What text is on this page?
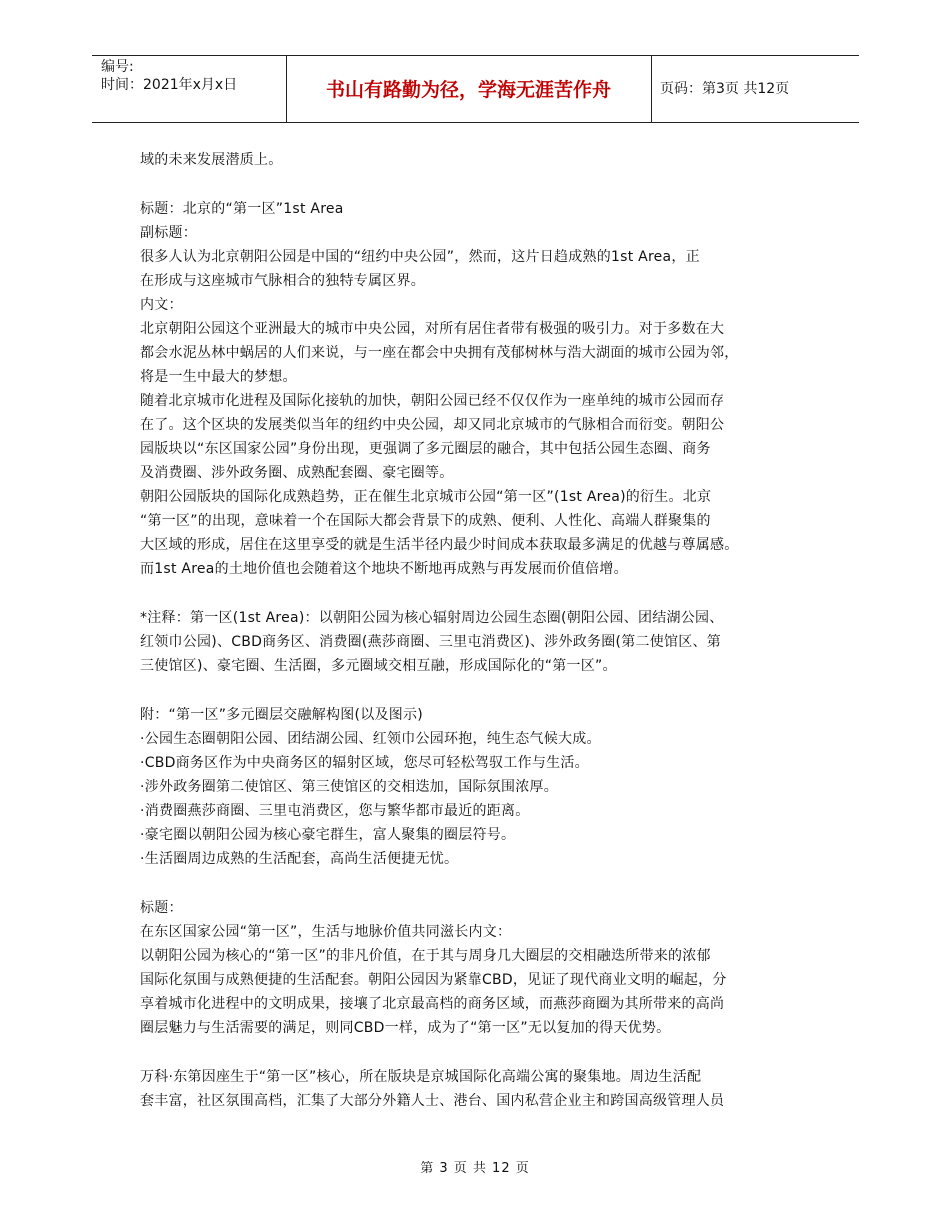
编号:
时间：2021年x月x日	书山有路勤为径，学海无涯苦作舟	页码：第3页 共12页
域的未来发展潜质上。
标题：北京的“第一区”1st Area
副标题：
很多人认为北京朝阳公园是中国的“纽约中央公园”，然而，这片日趋成熟的1st Area，正
在形成与这座城市气脉相合的独特专属区界。
内文：
北京朝阳公园这个亚洲最大的城市中央公园，对所有居住者带有极强的吸引力。对于多数在大
都会水泥丛林中蜗居的人们来说，与一座在都会中央拥有茂郁树林与浩大湖面的城市公园为邻，
将是一生中最大的梦想。
随着北京城市化进程及国际化接轨的加快，朝阳公园已经不仅仅作为一座单纯的城市公园而存
在了。这个区块的发展类似当年的纽约中央公园，却又同北京城市的气脉相合而衍变。朝阳公
园版块以“东区国家公园”身份出现，更强调了多元圈层的融合，其中包括公园生态圈、商务
及消费圈、涉外政务圈、成熟配套圈、豪宅圈等。
朝阳公园版块的国际化成熟趋势，正在催生北京城市公园“第一区”(1st Area)的衍生。北京
“第一区”的出现，意味着一个在国际大都会背景下的成熟、便利、人性化、高端人群聚集的
大区域的形成，居住在这里享受的就是生活半径内最少时间成本获取最多满足的优越与尊属感。
而1st Area的土地价值也会随着这个地块不断地再成熟与再发展而价值倍增。
*注释：第一区(1st Area)：以朝阳公园为核心辐射周边公园生态圈(朝阳公园、团结湖公园、
红领巾公园)、CBD商务区、消费圈(燕莎商圈、三里屯消费区)、涉外政务圈(第二使馆区、第
三使馆区)、豪宅圈、生活圈，多元圈域交相互融，形成国际化的“第一区”。
附：“第一区”多元圈层交融解构图(以及图示)
·公园生态圈朝阳公园、团结湖公园、红领巾公园环抱，纯生态气候大成。
·CBD商务区作为中央商务区的辐射区域，您尽可轻松驾驭工作与生活。
·涉外政务圈第二使馆区、第三使馆区的交相迭加，国际氛围浓厚。
·消费圈燕莎商圈、三里屯消费区，您与繁华都市最近的距离。
·豪宅圈以朝阳公园为核心豪宅群生，富人聚集的圈层符号。
·生活圈周边成熟的生活配套，高尚生活便捷无忧。
标题：
在东区国家公园“第一区”，生活与地脉价值共同滋长内文：
以朝阳公园为核心的“第一区”的非凡价值，在于其与周身几大圈层的交相融迭所带来的浓郁
国际化氛围与成熟便捷的生活配套。朝阳公园因为紧靠CBD，见证了现代商业文明的崛起，分
享着城市化进程中的文明成果，接壤了北京最高档的商务区域，而燕莎商圈为其所带来的高尚
圈层魅力与生活需要的满足，则同CBD一样，成为了“第一区”无以复加的得天优势。
万科·东第因座生于“第一区”核心，所在版块是京城国际化高端公寓的聚集地。周边生活配
套丰富，社区氛围高档，汇集了大部分外籍人士、港台、国内私营企业主和跨国高级管理人员
第 3 页 共 12 页
